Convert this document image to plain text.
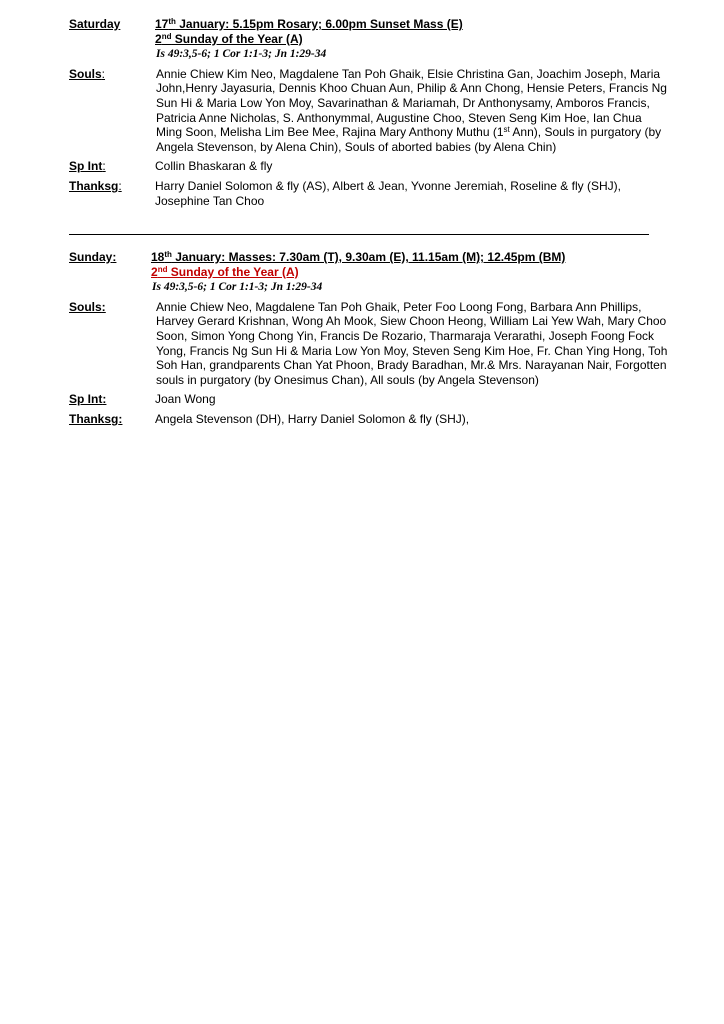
Saturday	17th January: 5.15pm Rosary; 6.00pm Sunset Mass (E)
2nd Sunday of the Year (A)
Is 49:3,5-6; 1 Cor 1:1-3; Jn 1:29-34
Souls:	Annie Chiew Kim Neo, Magdalene Tan Poh Ghaik, Elsie Christina Gan, Joachim Joseph, Maria John,Henry Jayasuria, Dennis Khoo Chuan Aun, Philip & Ann Chong, Hensie Peters, Francis Ng Sun Hi & Maria Low Yon Moy, Savarinathan & Mariamah, Dr Anthonysamy, Amboros Francis, Patricia Anne Nicholas, S. Anthonymmal, Augustine Choo, Steven Seng Kim Hoe, Ian Chua Ming Soon, Melisha Lim Bee Mee, Rajina Mary Anthony Muthu (1st Ann), Souls in purgatory (by Angela Stevenson, by Alena Chin), Souls of aborted babies (by Alena Chin)
Sp Int:	Collin Bhaskaran & fly
Thanksg:	Harry Daniel Solomon & fly (AS), Albert & Jean, Yvonne Jeremiah, Roseline & fly (SHJ), Josephine Tan Choo
Sunday:	18th January: Masses: 7.30am (T), 9.30am (E), 11.15am (M); 12.45pm (BM)
2nd Sunday of the Year (A)
Is 49:3,5-6; 1 Cor 1:1-3; Jn 1:29-34
Souls:	Annie Chiew Neo, Magdalene Tan Poh Ghaik, Peter Foo Loong Fong, Barbara Ann Phillips, Harvey Gerard Krishnan, Wong Ah Mook, Siew Choon Heong, William Lai Yew Wah, Mary Choo Soon, Simon Yong Chong Yin, Francis De Rozario, Tharmaraja Verarathi, Joseph Foong Fock Yong, Francis Ng Sun Hi & Maria Low Yon Moy, Steven Seng Kim Hoe, Fr. Chan Ying Hong, Toh Soh Han, grandparents Chan Yat Phoon, Brady Baradhan, Mr.& Mrs. Narayanan Nair, Forgotten souls in purgatory (by Onesimus Chan), All souls (by Angela Stevenson)
Sp Int:	Joan Wong
Thanksg:	Angela Stevenson (DH), Harry Daniel Solomon & fly (SHJ),
